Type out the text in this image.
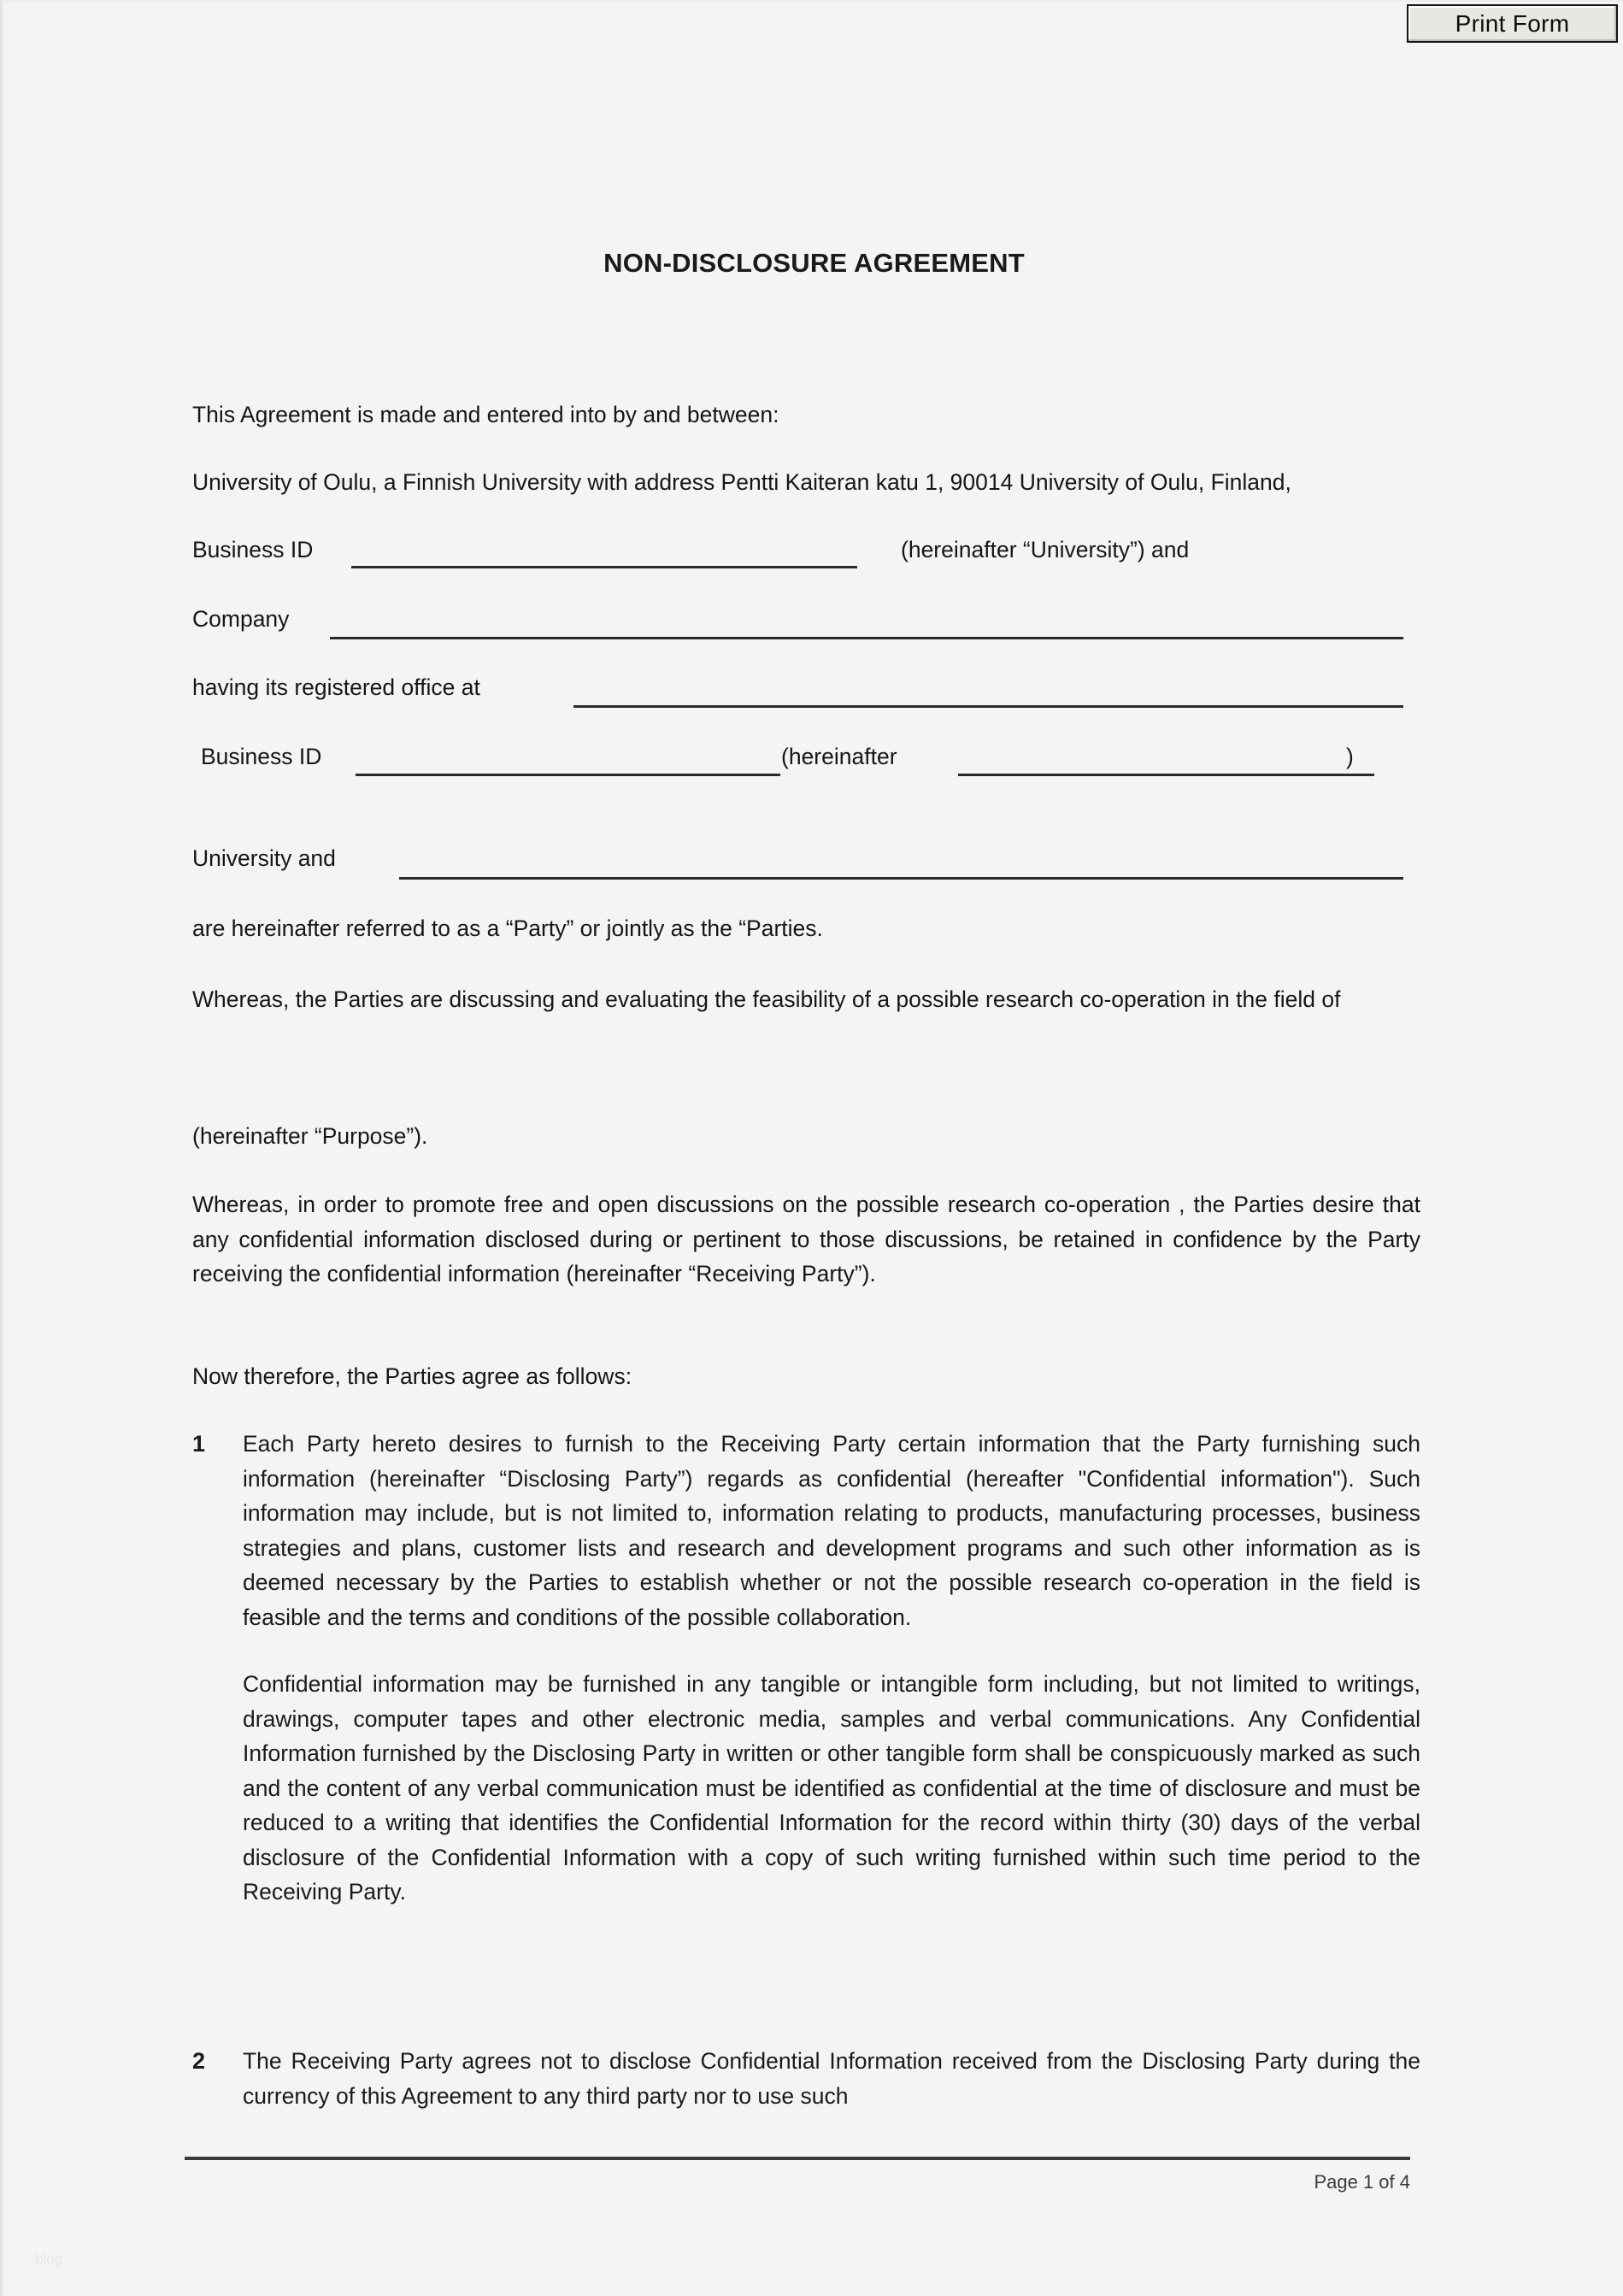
Print Form
NON-DISCLOSURE AGREEMENT
This Agreement is made and entered into by and between:
University of Oulu, a Finnish University with address Pentti Kaiteran katu 1, 90014 University of Oulu, Finland,
Business ID	(hereinafter “University”) and
Company
having its registered office at
Business ID	(hereinafter	)
University and
are hereinafter referred to as a “Party” or jointly as the “Parties.
Whereas, the Parties are discussing and evaluating the feasibility of a possible research co-operation in the field of
(hereinafter “Purpose”).
Whereas, in order to promote free and open discussions on the possible research co-operation , the Parties desire that any confidential information disclosed during or pertinent to those discussions, be retained in confidence by the Party receiving the confidential information (hereinafter “Receiving Party”).
Now therefore, the Parties agree as follows:
1	Each Party hereto desires to furnish to the Receiving Party certain information that the Party furnishing such information (hereinafter “Disclosing Party”) regards as confidential (hereafter "Confidential information"). Such information may include, but is not limited to, information relating to products, manufacturing processes, business strategies and plans, customer lists and research and development programs and such other information as is deemed necessary by the Parties to establish whether or not the possible research co-operation in the field is feasible and the terms and conditions of the possible collaboration.

Confidential information may be furnished in any tangible or intangible form including, but not limited to writings, drawings, computer tapes and other electronic media, samples and verbal communications. Any Confidential Information furnished by the Disclosing Party in written or other tangible form shall be conspicuously marked as such and the content of any verbal communication must be identified as confidential at the time of disclosure and must be reduced to a writing that identifies the Confidential Information for the record within thirty (30) days of the verbal disclosure of the Confidential Information with a copy of such writing furnished within such time period to the Receiving Party.

2	The Receiving Party agrees not to disclose Confidential Information received from the Disclosing Party during the currency of this Agreement to any third party nor to use such

Page 1 of 4
blog
